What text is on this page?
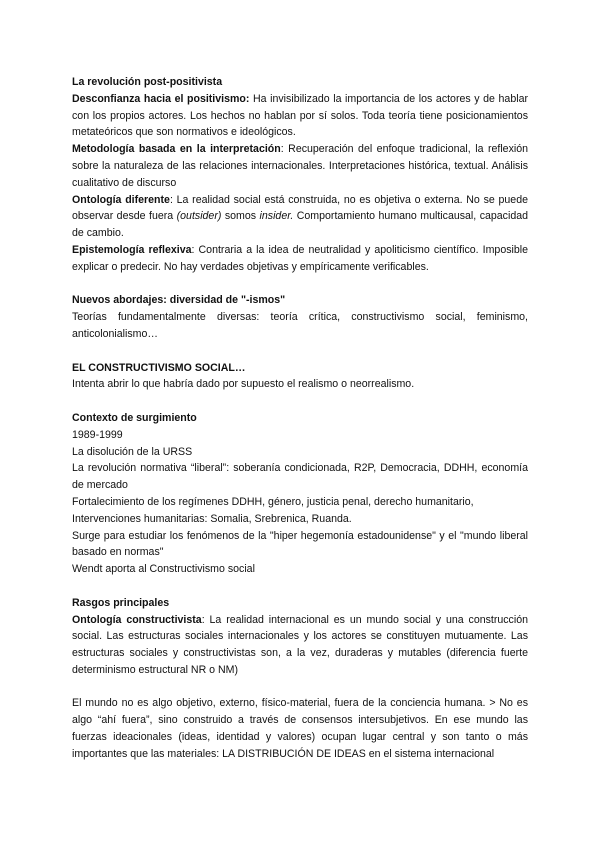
La revolución post-positivista

Desconfianza hacia el positivismo: Ha invisibilizado la importancia de los actores y de hablar con los propios actores. Los hechos no hablan por sí solos. Toda teoría tiene posicionamientos metateóricos que son normativos e ideológicos.

Metodología basada en la interpretación: Recuperación del enfoque tradicional, la reflexión sobre la naturaleza de las relaciones internacionales. Interpretaciones histórica, textual. Análisis cualitativo de discurso

Ontología diferente: La realidad social está construida, no es objetiva o externa. No se puede observar desde fuera (outsider) somos insider. Comportamiento humano multicausal, capacidad de cambio.

Epistemología reflexiva: Contraria a la idea de neutralidad y apoliticismo científico. Imposible explicar o predecir. No hay verdades objetivas y empíricamente verificables.

Nuevos abordajes: diversidad de "-ismos"

Teorías fundamentalmente diversas: teoría crítica, constructivismo social, feminismo, anticolonialismo…

EL CONSTRUCTIVISMO SOCIAL…

Intenta abrir lo que habría dado por supuesto el realismo o neorrealismo.

Contexto de surgimiento

1989-1999

La disolución de la URSS

La revolución normativa “liberal”: soberanía condicionada, R2P, Democracia, DDHH, economía de mercado

Fortalecimiento de los regímenes DDHH, género, justicia penal, derecho humanitario,

Intervenciones humanitarias: Somalia, Srebrenica, Ruanda.

Surge para estudiar los fenómenos de la "hiper hegemonía estadounidense" y el "mundo liberal basado en normas"

Wendt aporta al Constructivismo social

Rasgos principales

Ontología constructivista: La realidad internacional es un mundo social y una construcción social. Las estructuras sociales internacionales y los actores se constituyen mutuamente. Las estructuras sociales y constructivistas son, a la vez, duraderas y mutables (diferencia fuerte determinismo estructural NR o NM)

El mundo no es algo objetivo, externo, físico-material, fuera de la conciencia humana. > No es algo “ahí fuera”, sino construido a través de consensos intersubjetivos. En ese mundo las fuerzas ideacionales (ideas, identidad y valores) ocupan lugar central y son tanto o más importantes que las materiales: LA DISTRIBUCIÓN DE IDEAS en el sistema internacional
